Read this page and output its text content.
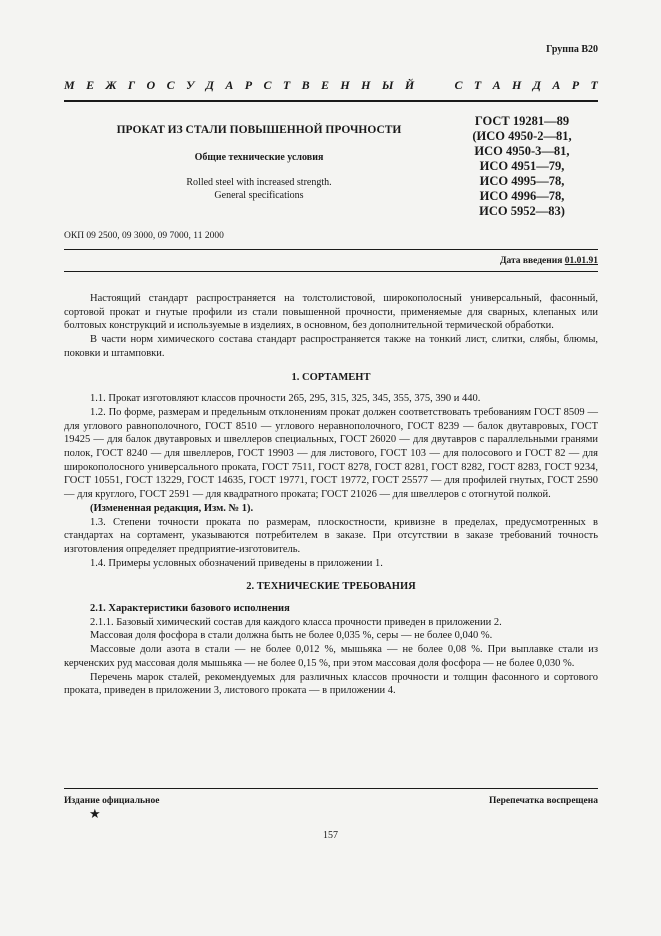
Группа В20
М Е Ж Г О С У Д А Р С Т В Е Н Н Ы Й

	С Т А Н Д А Р Т
ПРОКАТ ИЗ СТАЛИ ПОВЫШЕННОЙ ПРОЧНОСТИ
Общие технические условия
Rolled steel with increased strength.
General specifications
ГОСТ 19281—89
(ИСО 4950-2—81,
ИСО 4950-3—81,
ИСО 4951—79,
ИСО 4995—78,
ИСО 4996—78,
ИСО 5952—83)
ОКП 09 2500, 09 3000, 09 7000, 11 2000
Дата введения 01.01.91

Настоящий стандарт распространяется на толстолистовой, широкополосный универсальный, фасонный, сортовой прокат и гнутые профили из стали повышенной прочности, применяемые для сварных, клепаных или болтовых конструкций и используемые в изделиях, в основном, без дополнительной термической обработки.

В части норм химического состава стандарт распространяется также на тонкий лист, слитки, слябы, блюмы, поковки и штамповки.

1. СОРТАМЕНТ

1.1. Прокат изготовляют классов прочности 265, 295, 315, 325, 345, 355, 375, 390 и 440.

1.2. По форме, размерам и предельным отклонениям прокат должен соответствовать требованиям ГОСТ 8509 — для углового равнополочного, ГОСТ 8510 — углового неравнополочного, ГОСТ 8239 — балок двутавровых, ГОСТ 19425 — для балок двутавровых и швеллеров специальных, ГОСТ 26020 — для двутавров с параллельными гранями полок, ГОСТ 8240 — для швеллеров, ГОСТ 19903 — для листового, ГОСТ 103 — для полосового и ГОСТ 82 — для широкополосного универсального проката, ГОСТ 7511, ГОСТ 8278, ГОСТ 8281, ГОСТ 8282, ГОСТ 8283, ГОСТ 9234, ГОСТ 10551, ГОСТ 13229, ГОСТ 14635, ГОСТ 19771, ГОСТ 19772, ГОСТ 25577 — для профилей гнутых, ГОСТ 2590 — для круглого, ГОСТ 2591 — для квадратного проката; ГОСТ 21026 — для швеллеров с отогнутой полкой.

(Измененная редакция, Изм. № 1).

1.3. Степени точности проката по размерам, плоскостности, кривизне в пределах, предусмотренных в стандартах на сортамент, указываются потребителем в заказе. При отсутствии в заказе требований точность изготовления определяет предприятие-изготовитель.

1.4. Примеры условных обозначений приведены в приложении 1.

2. ТЕХНИЧЕСКИЕ ТРЕБОВАНИЯ
2.1. Характеристики базового исполнения

2.1.1. Базовый химический состав для каждого класса прочности приведен в приложении 2.

Массовая доля фосфора в стали должна быть не более 0,035 %, серы — не более 0,040 %.

Массовые доли азота в стали — не более 0,012 %, мышьяка — не более 0,08 %. При выплавке стали из керченских руд массовая доля мышьяка — не более 0,15 %, при этом массовая доля фосфора — не более 0,030 %.

Перечень марок сталей, рекомендуемых для различных классов прочности и толщин фасонного и сортового проката, приведен в приложении 3, листового проката — в приложении 4.

Издание официальное	Перепечатка воспрещена
★
157
